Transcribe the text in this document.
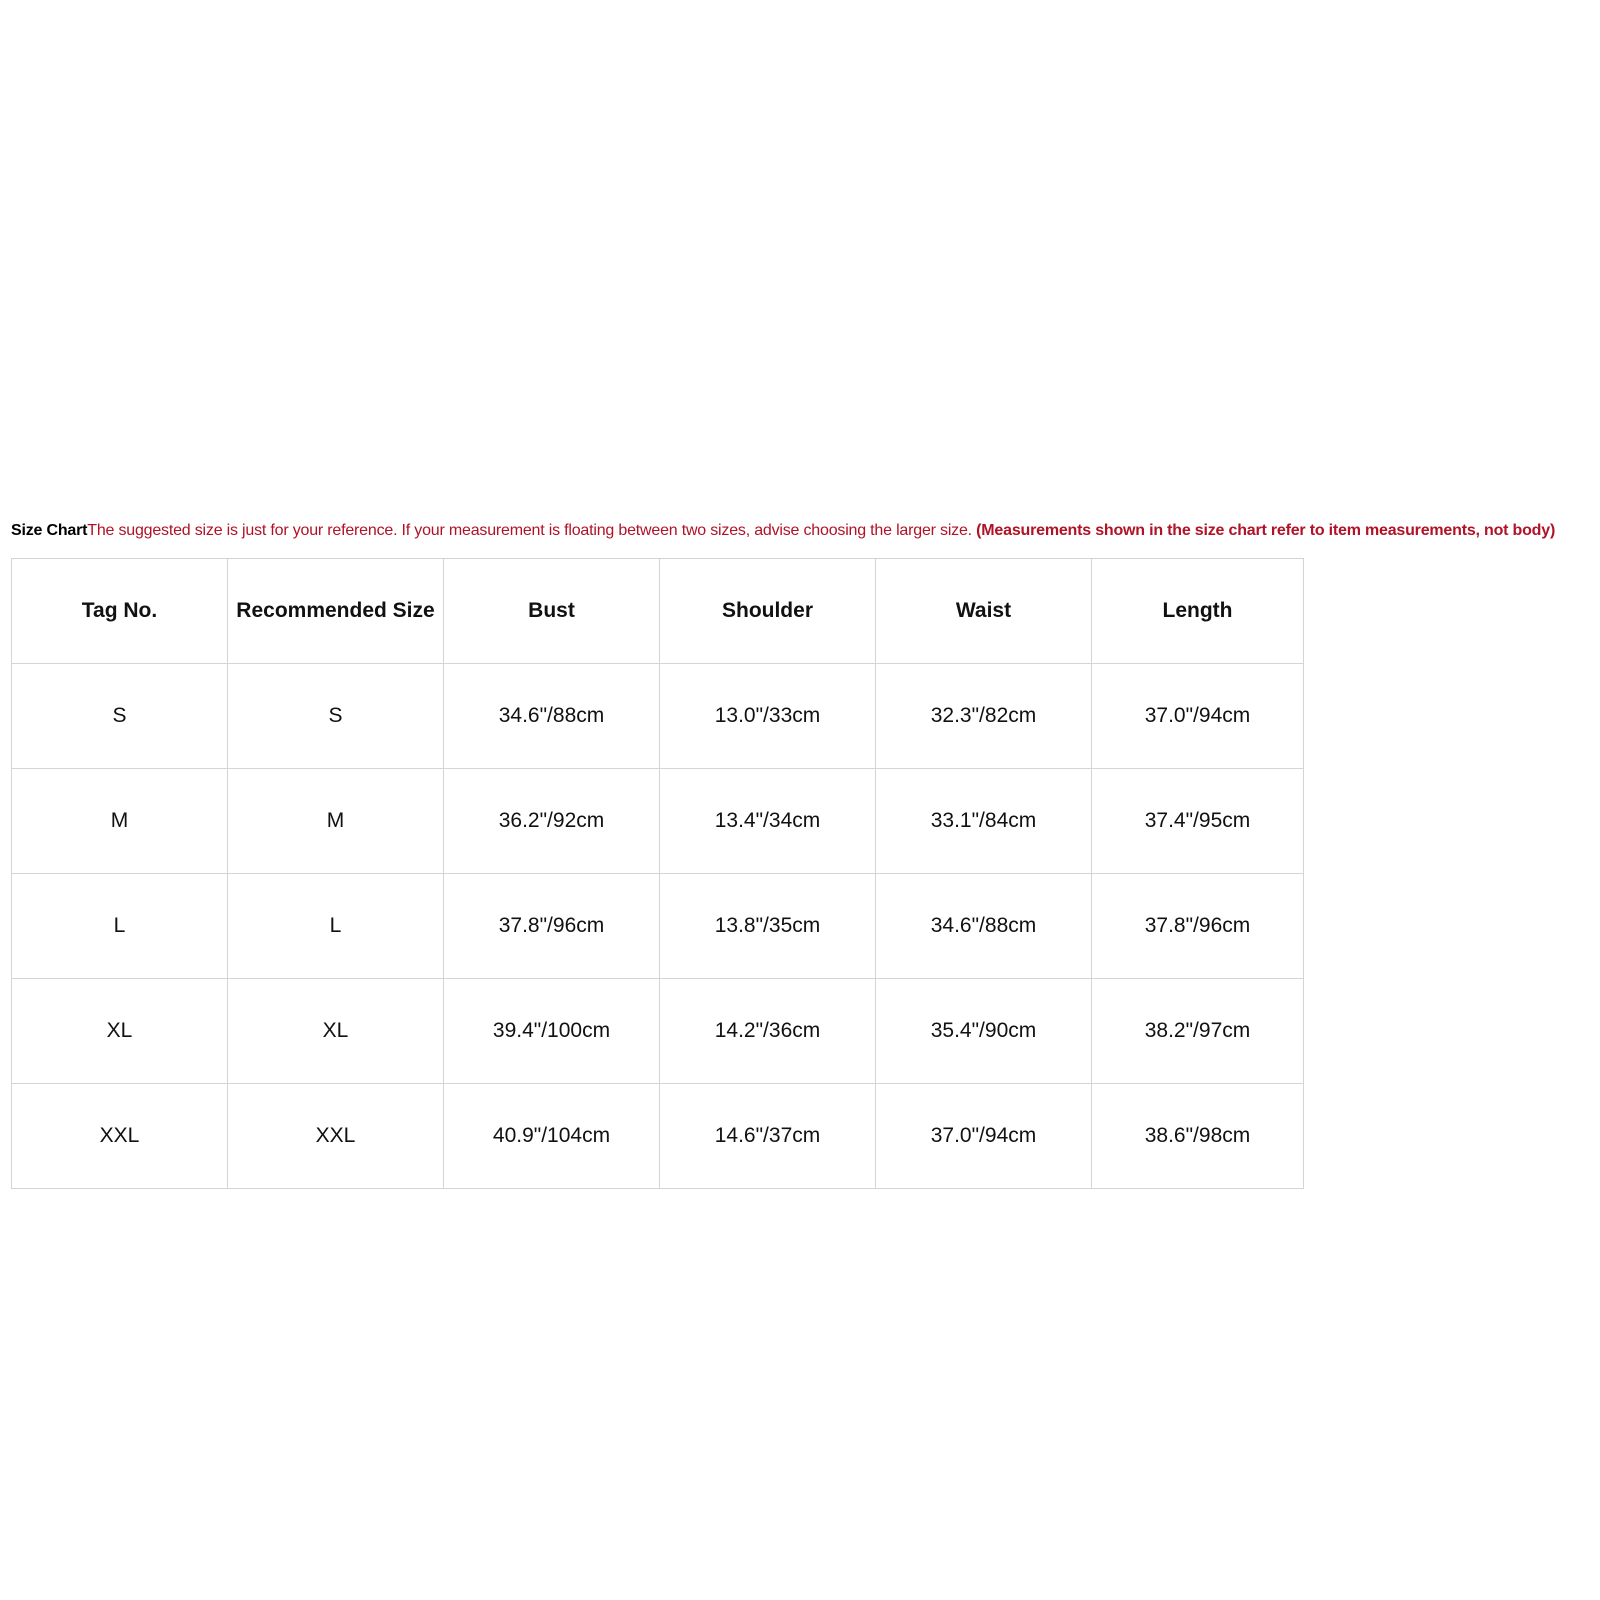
Size ChartThe suggested size is just for your reference. If your measurement is floating between two sizes, advise choosing the larger size. (Measurements shown in the size chart refer to item measurements, not body)
Tag No.	Recommended Size	Bust	Shoulder	Waist	Length
S	S	34.6"/88cm	13.0"/33cm	32.3"/82cm	37.0"/94cm
M	M	36.2"/92cm	13.4"/34cm	33.1"/84cm	37.4"/95cm
L	L	37.8"/96cm	13.8"/35cm	34.6"/88cm	37.8"/96cm
XL	XL	39.4"/100cm	14.2"/36cm	35.4"/90cm	38.2"/97cm
XXL	XXL	40.9"/104cm	14.6"/37cm	37.0"/94cm	38.6"/98cm
